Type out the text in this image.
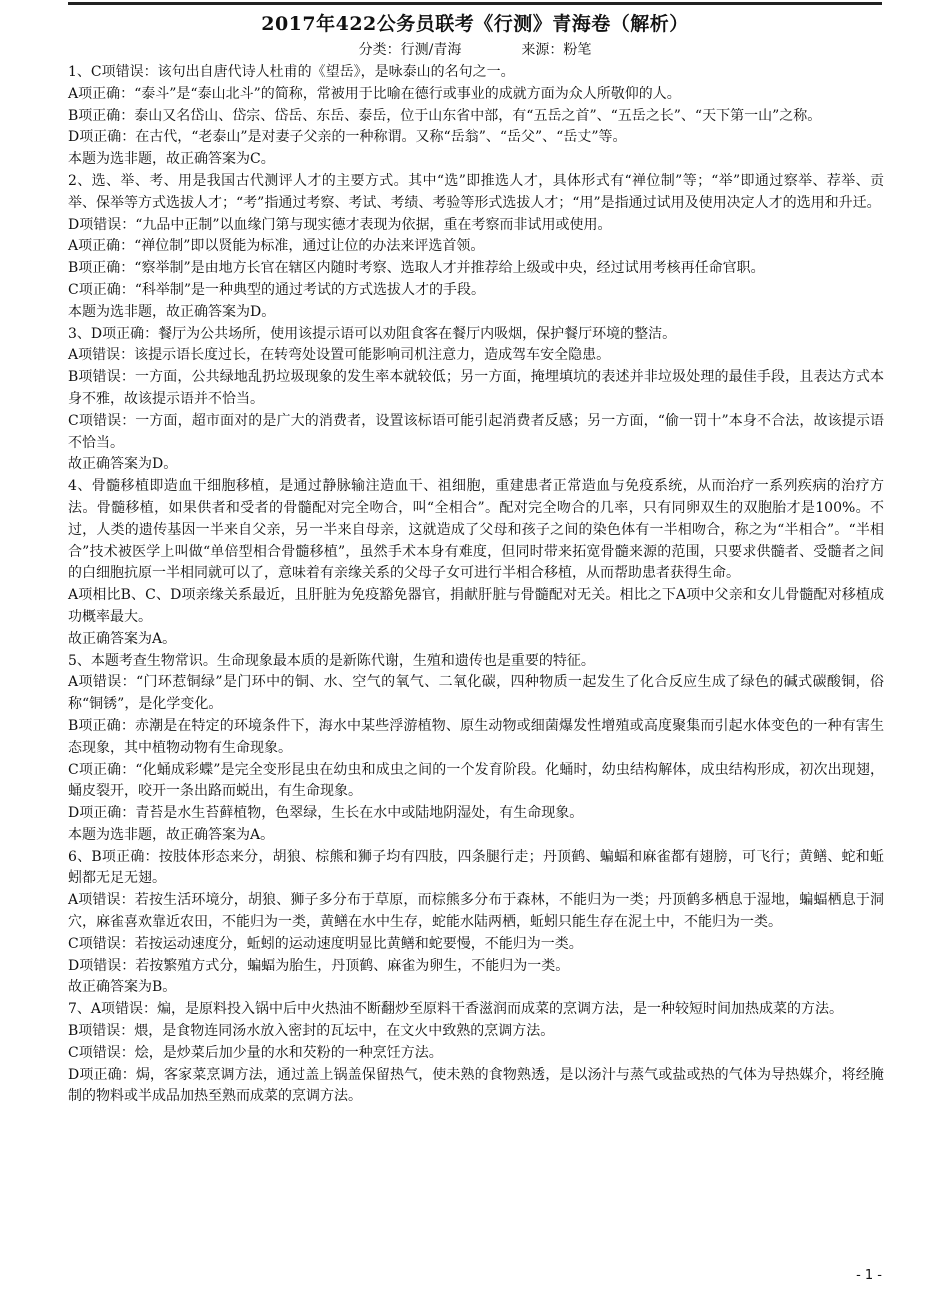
2017年422公务员联考《行测》青海卷（解析）
分类：行测/青海	来源：粉笔

1、C项错误：该句出自唐代诗人杜甫的《望岳》，是咏泰山的名句之一。

A项正确：“泰斗”是“泰山北斗”的简称，常被用于比喻在德行或事业的成就方面为众人所敬仰的人。

B项正确：泰山又名岱山、岱宗、岱岳、东岳、泰岳，位于山东省中部，有“五岳之首”、“五岳之长”、“天下第一山”之称。

D项正确：在古代，“老泰山”是对妻子父亲的一种称谓。又称“岳翁”、“岳父”、“岳丈”等。

本题为选非题，故正确答案为C。

2、选、举、考、用是我国古代测评人才的主要方式。其中“选”即推选人才，具体形式有“禅位制”等；“举”即通过察举、荐举、贡举、保举等方式选拔人才；“考”指通过考察、考试、考绩、考验等形式选拔人才；“用”是指通过试用及使用决定人才的选用和升迁。

D项错误：“九品中正制”以血缘门第与现实德才表现为依据，重在考察而非试用或使用。

A项正确：“禅位制”即以贤能为标准，通过让位的办法来评选首领。

B项正确：“察举制”是由地方长官在辖区内随时考察、选取人才并推荐给上级或中央，经过试用考核再任命官职。

C项正确：“科举制”是一种典型的通过考试的方式选拔人才的手段。

本题为选非题，故正确答案为D。

3、D项正确：餐厅为公共场所，使用该提示语可以劝阻食客在餐厅内吸烟，保护餐厅环境的整洁。

A项错误：该提示语长度过长，在转弯处设置可能影响司机注意力，造成驾车安全隐患。

B项错误：一方面，公共绿地乱扔垃圾现象的发生率本就较低；另一方面，掩埋填坑的表述并非垃圾处理的最佳手段，且表达方式本身不雅，故该提示语并不恰当。

C项错误：一方面，超市面对的是广大的消费者，设置该标语可能引起消费者反感；另一方面，“偷一罚十”本身不合法，故该提示语不恰当。

故正确答案为D。

4、骨髓移植即造血干细胞移植，是通过静脉输注造血干、祖细胞，重建患者正常造血与免疫系统，从而治疗一系列疾病的治疗方法。骨髓移植，如果供者和受者的骨髓配对完全吻合，叫“全相合”。配对完全吻合的几率，只有同卵双生的双胞胎才是100%。不过，人类的遗传基因一半来自父亲，另一半来自母亲，这就造成了父母和孩子之间的染色体有一半相吻合，称之为“半相合”。“半相合”技术被医学上叫做“单倍型相合骨髓移植”，虽然手术本身有难度，但同时带来拓宽骨髓来源的范围，只要求供髓者、受髓者之间的白细胞抗原一半相同就可以了，意味着有亲缘关系的父母子女可进行半相合移植，从而帮助患者获得生命。

A项相比B、C、D项亲缘关系最近，且肝脏为免疫豁免器官，捐献肝脏与骨髓配对无关。相比之下A项中父亲和女儿骨髓配对移植成功概率最大。

故正确答案为A。

5、本题考查生物常识。生命现象最本质的是新陈代谢，生殖和遗传也是重要的特征。

A项错误：“门环惹铜绿”是门环中的铜、水、空气的氧气、二氧化碳，四种物质一起发生了化合反应生成了绿色的碱式碳酸铜，俗称“铜锈”，是化学变化。

B项正确：赤潮是在特定的环境条件下，海水中某些浮游植物、原生动物或细菌爆发性增殖或高度聚集而引起水体变色的一种有害生态现象，其中植物动物有生命现象。

C项正确：“化蛹成彩蝶”是完全变形昆虫在幼虫和成虫之间的一个发育阶段。化蛹时，幼虫结构解体，成虫结构形成，初次出现翅，蛹皮裂开，咬开一条出路而蜕出，有生命现象。

D项正确：青苔是水生苔藓植物，色翠绿，生长在水中或陆地阴湿处，有生命现象。

本题为选非题，故正确答案为A。

6、B项正确：按肢体形态来分，胡狼、棕熊和狮子均有四肢，四条腿行走；丹顶鹤、蝙蝠和麻雀都有翅膀，可飞行；黄鳝、蛇和蚯蚓都无足无翅。

A项错误：若按生活环境分，胡狼、狮子多分布于草原，而棕熊多分布于森林，不能归为一类；丹顶鹤多栖息于湿地，蝙蝠栖息于洞穴，麻雀喜欢靠近农田，不能归为一类，黄鳝在水中生存，蛇能水陆两栖，蚯蚓只能生存在泥土中，不能归为一类。

C项错误：若按运动速度分，蚯蚓的运动速度明显比黄鳝和蛇要慢，不能归为一类。

D项错误：若按繁殖方式分，蝙蝠为胎生，丹顶鹤、麻雀为卵生，不能归为一类。

故正确答案为B。

7、A项错误：煸，是原料投入锅中后中火热油不断翻炒至原料干香滋润而成菜的烹调方法，是一种较短时间加热成菜的方法。

B项错误：煨，是食物连同汤水放入密封的瓦坛中，在文火中致熟的烹调方法。

C项错误：烩，是炒菜后加少量的水和芡粉的一种烹饪方法。

D项正确：焗，客家菜烹调方法，通过盖上锅盖保留热气，使未熟的食物熟透，是以汤汁与蒸气或盐或热的气体为导热媒介，将经腌制的物料或半成品加热至熟而成菜的烹调方法。

- 1 -
